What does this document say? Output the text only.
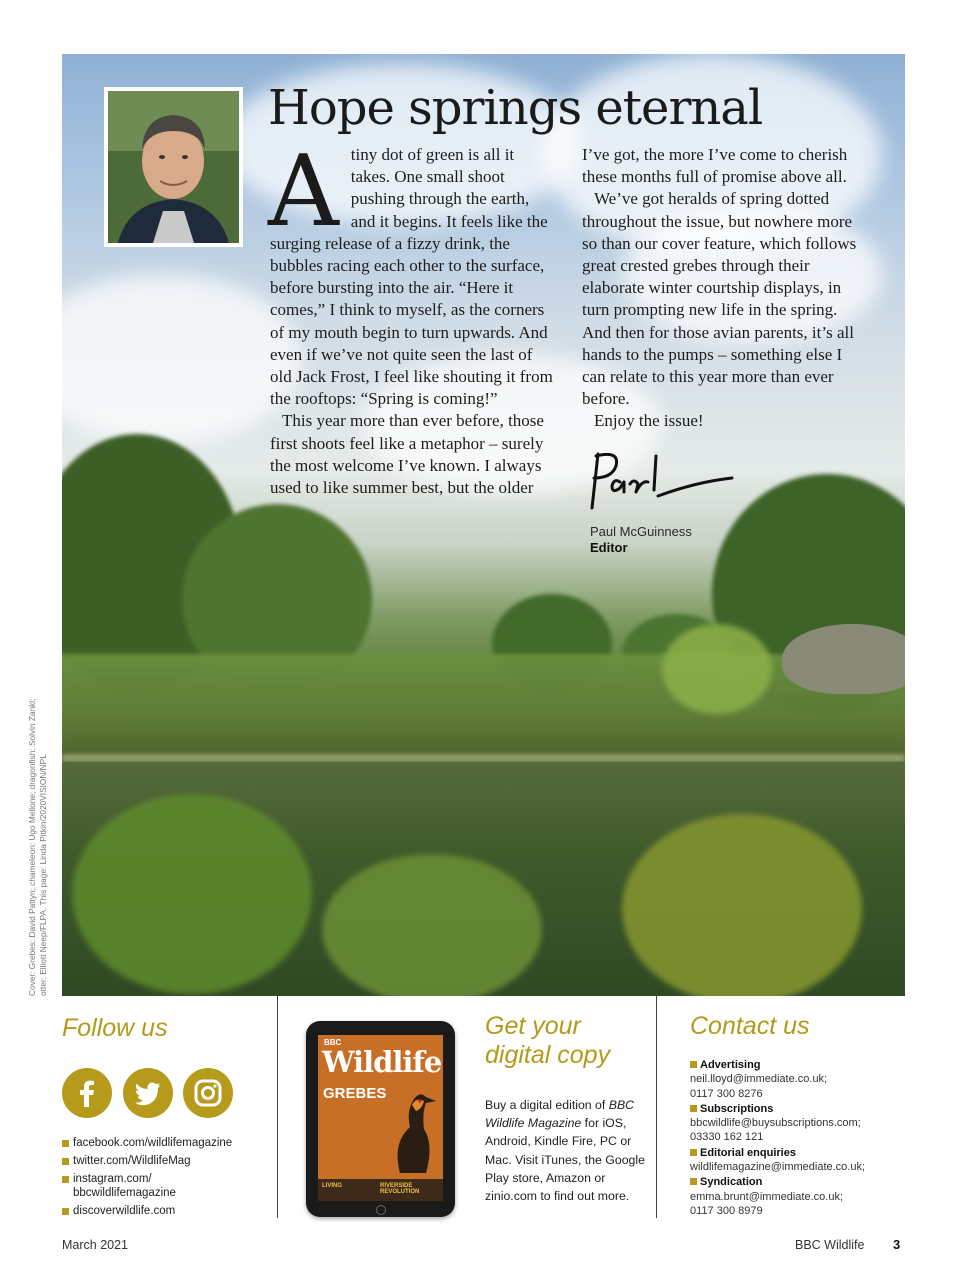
Hope springs eternal

Atiny dot of green is all it takes. One small shoot pushing through the earth, and it begins. It feels like the surging release of a fizzy drink, the bubbles racing each other to the surface, before bursting into the air. “Here it comes,” I think to myself, as the corners of my mouth begin to turn upwards. And even if we’ve not quite seen the last of old Jack Frost, I feel like shouting it from the rooftops: “Spring is coming!”

This year more than ever before, those first shoots feel like a metaphor – surely the most welcome I’ve known. I always used to like summer best, but the older

I’ve got, the more I’ve come to cherish these months full of promise above all.

We’ve got heralds of spring dotted throughout the issue, but nowhere more so than our cover feature, which follows great crested grebes through their elaborate winter courtship displays, in turn prompting new life in the spring. And then for those avian parents, it’s all hands to the pumps – something else I can relate to this year more than ever before.

Enjoy the issue!

Paul McGuinness
Editor
Cover: Grebes: David Pattyn; chameleon: Ugo Mellone; dragonfish: Solvin Zankl; otter: Elliott Neep/FLPA. This page: Linda Pitkin/2020VISION/NPL
Follow us
facebook.com/wildlifemagazine
twitter.com/WildlifeMag
instagram.com/ bbcwildlifemagazine
discoverwildlife.com
BBC
Wildlife
GREBES
LIVING	RIVERSIDE REVOLUTION
Get your
digital copy
Buy a digital edition of BBC Wildlife Magazine for iOS, Android, Kindle Fire, PC or Mac. Visit iTunes, the Google Play store, Amazon or zinio.com to find out more.
Contact us
Advertising
neil.lloyd@immediate.co.uk; 0117 300 8276
Subscriptions
bbcwildlife@buysubscriptions.com; 03330 162 121
Editorial enquiries
wildlifemagazine@immediate.co.uk;
Syndication
emma.brunt@immediate.co.uk; 0117 300 8979
March 2021	BBC Wildlife 3
